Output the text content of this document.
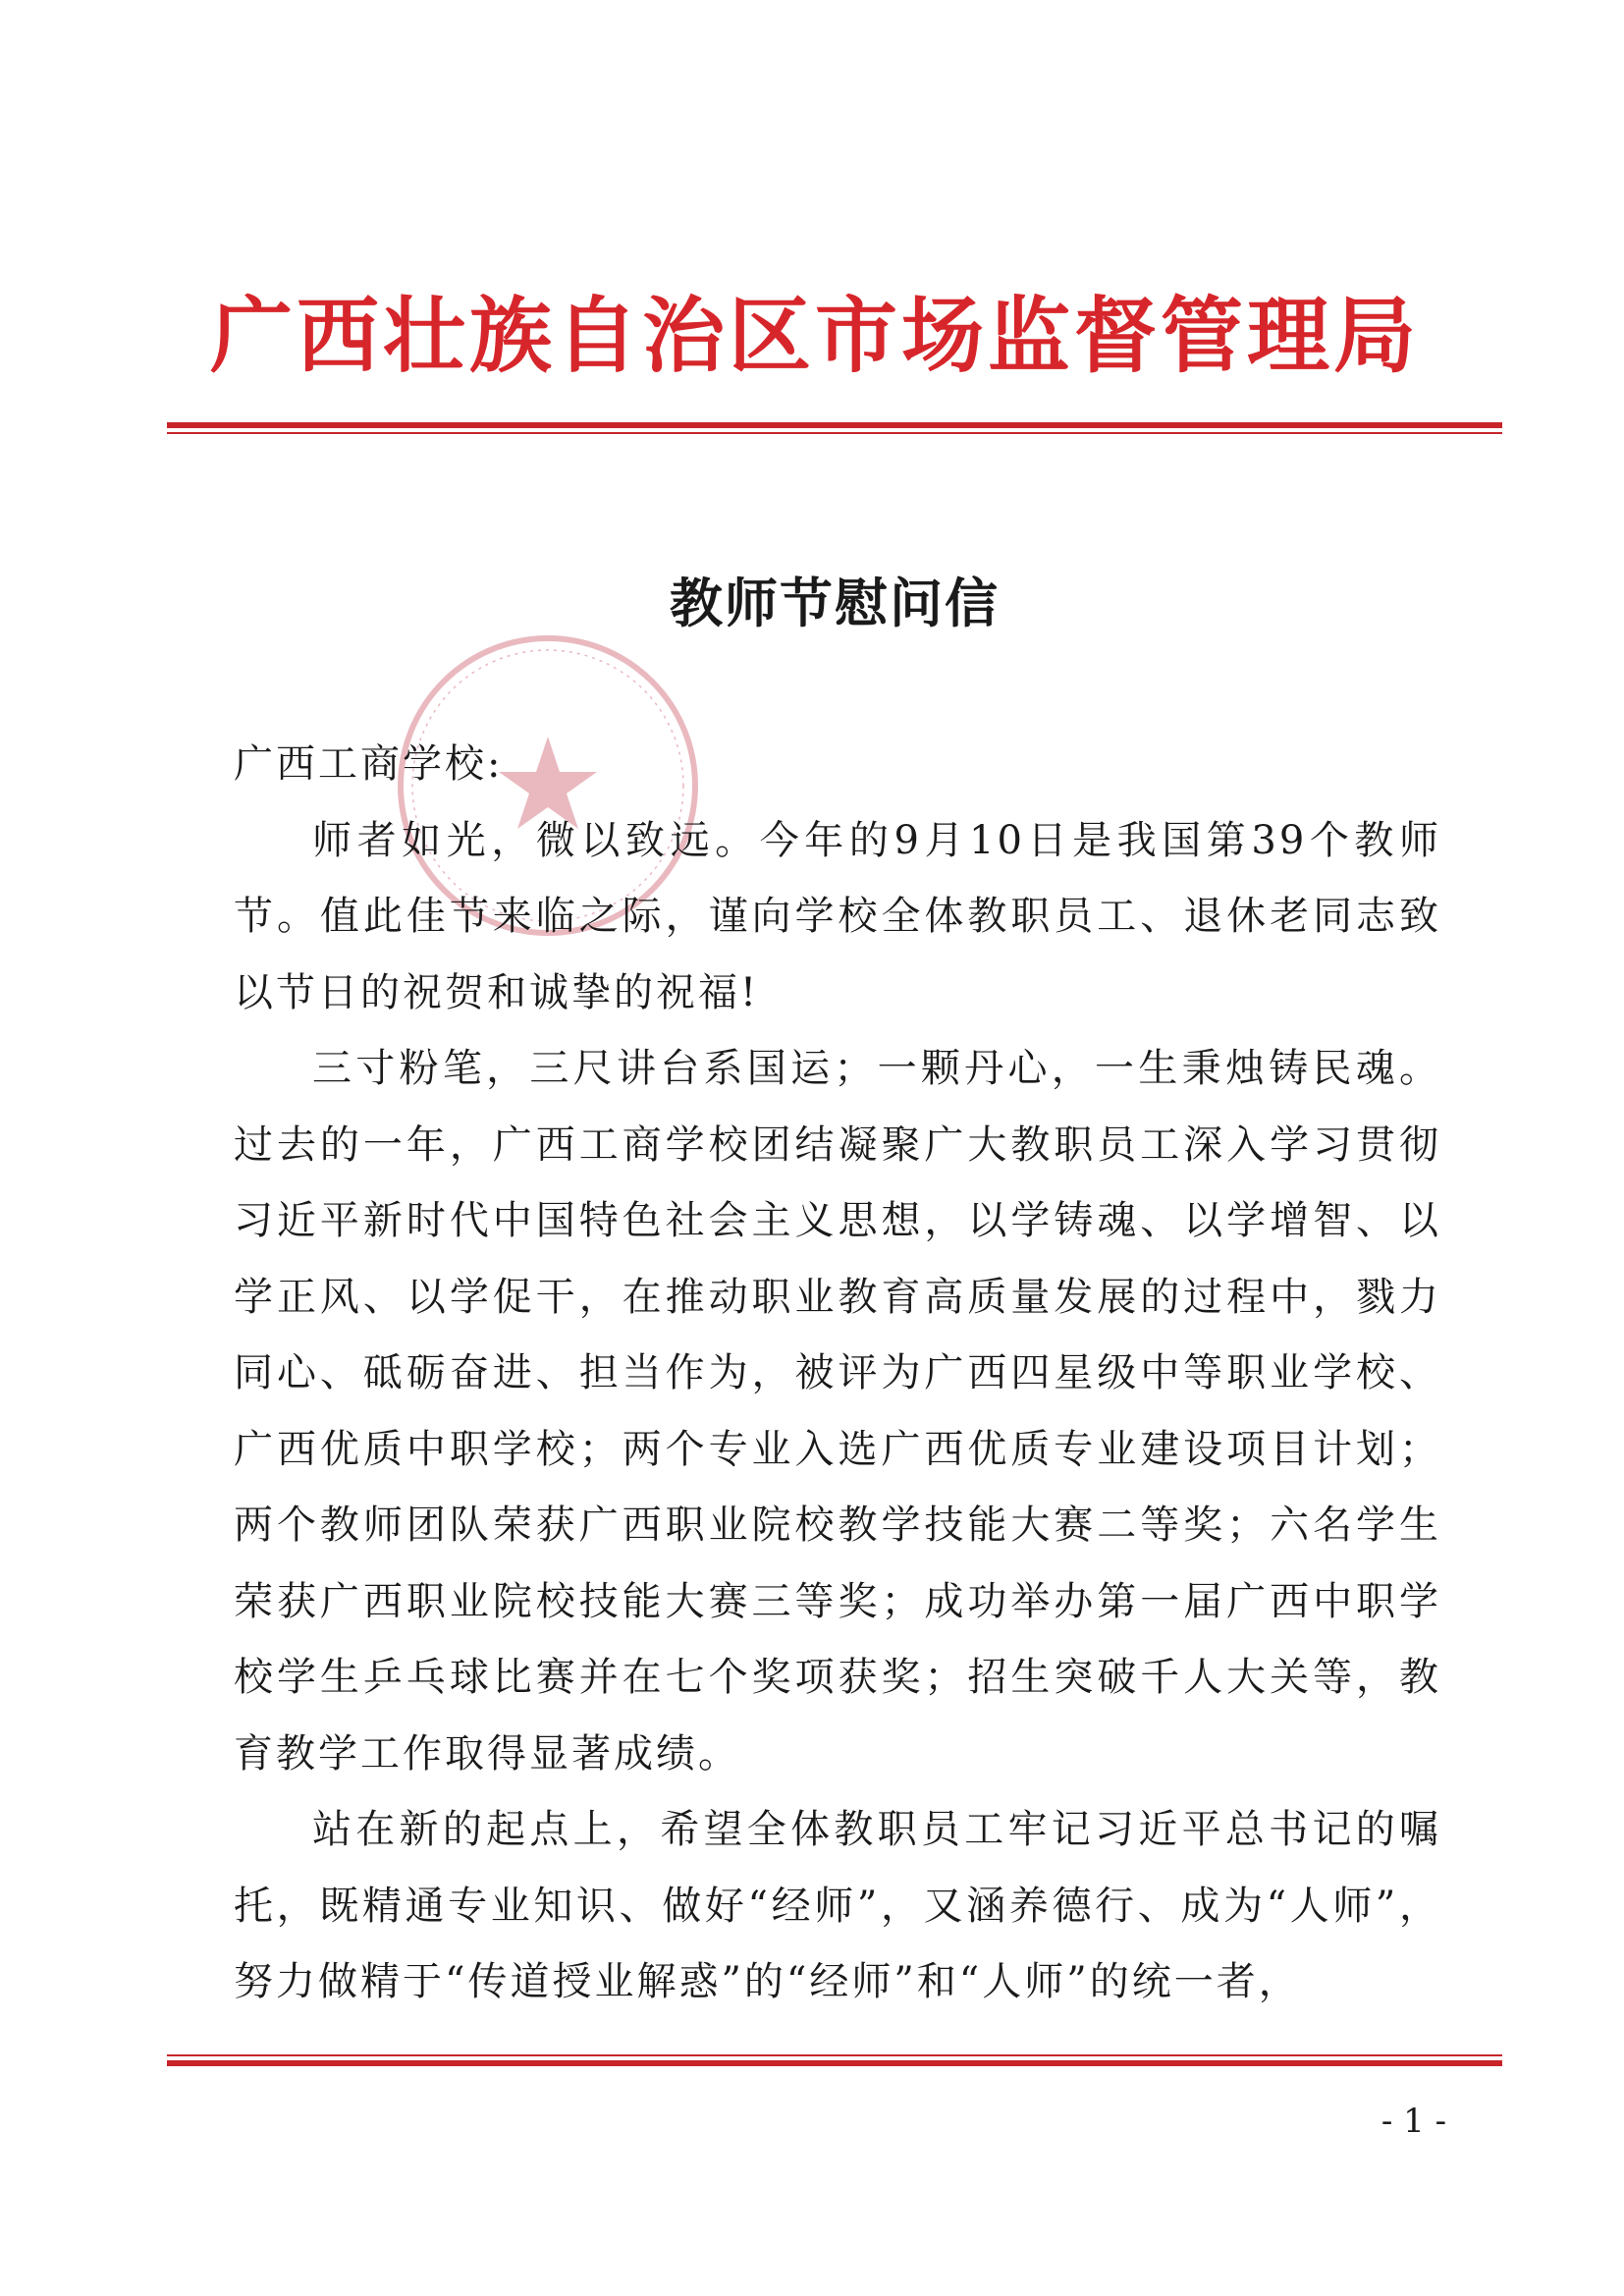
广西壮族自治区市场监督管理局
教师节慰问信

广西工商学校:

师者如光，微以致远。今年的9月10日是我国第39个教师节。值此佳节来临之际，谨向学校全体教职员工、退休老同志致以节日的祝贺和诚挚的祝福!

三寸粉笔，三尺讲台系国运；一颗丹心，一生秉烛铸民魂。过去的一年，广西工商学校团结凝聚广大教职员工深入学习贯彻习近平新时代中国特色社会主义思想，以学铸魂、以学增智、以学正风、以学促干，在推动职业教育高质量发展的过程中，戮力同心、砥砺奋进、担当作为，被评为广西四星级中等职业学校、广西优质中职学校；两个专业入选广西优质专业建设项目计划；两个教师团队荣获广西职业院校教学技能大赛二等奖；六名学生荣获广西职业院校技能大赛三等奖；成功举办第一届广西中职学校学生乒乓球比赛并在七个奖项获奖；招生突破千人大关等，教育教学工作取得显著成绩。

站在新的起点上，希望全体教职员工牢记习近平总书记的嘱托，既精通专业知识、做好“经师”，又涵养德行、成为“人师”，努力做精于“传道授业解惑”的“经师”和“人师”的统一者，

- 1 -
